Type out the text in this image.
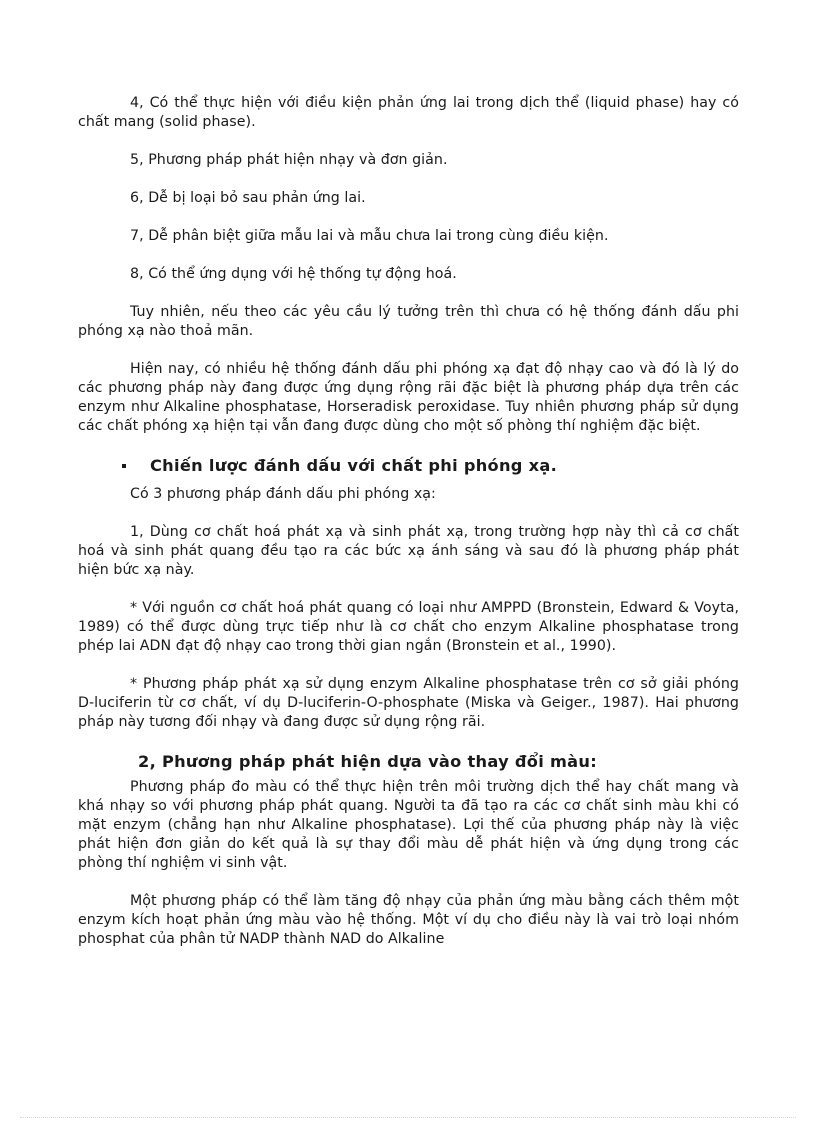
4, Có thể thực hiện với điều kiện phản ứng lai trong dịch thể (liquid phase) hay có chất mang (solid phase).

5, Phương pháp phát hiện nhạy và đơn giản.

6, Dễ bị loại bỏ sau phản ứng lai.

7, Dễ phân biệt giữa mẫu lai và mẫu chưa lai trong cùng điều kiện.

8, Có thể ứng dụng với hệ thống tự động hoá.

Tuy nhiên, nếu theo các yêu cầu lý tưởng trên thì chưa có hệ thống đánh dấu phi phóng xạ nào thoả mãn.

Hiện nay, có nhiều hệ thống đánh dấu phi phóng xạ đạt độ nhạy cao và đó là lý do các phương pháp này đang được ứng dụng rộng rãi đặc biệt là phương pháp dựa trên các enzym như Alkaline phosphatase, Horseradisk peroxidase. Tuy nhiên phương pháp sử dụng các chất phóng xạ hiện tại vẫn đang được dùng cho một số phòng thí nghiệm đặc biệt.

Chiến lược đánh dấu với chất phi phóng xạ.

Có 3 phương pháp đánh dấu phi phóng xạ:

1, Dùng cơ chất hoá phát xạ và sinh phát xạ, trong trường hợp này thì cả cơ chất hoá và sinh phát quang đều tạo ra các bức xạ ánh sáng và sau đó là phương pháp phát hiện bức xạ này.

* Với nguồn cơ chất hoá phát quang có loại như AMPPD (Bronstein, Edward & Voyta, 1989) có thể được dùng trực tiếp như là cơ chất cho enzym Alkaline phosphatase trong phép lai ADN đạt độ nhạy cao trong thời gian ngắn (Bronstein et al., 1990).

* Phương pháp phát xạ sử dụng enzym Alkaline phosphatase trên cơ sở giải phóng D-luciferin từ cơ chất, ví dụ D-luciferin-O-phosphate (Miska và Geiger., 1987). Hai phương pháp này tương đối nhạy và đang được sử dụng rộng rãi.

2, Phương pháp phát hiện dựa vào thay đổi màu:

Phương pháp đo màu có thể thực hiện trên môi trường dịch thể hay chất mang và khá nhạy so với phương pháp phát quang. Người ta đã tạo ra các cơ chất sinh màu khi có mặt enzym (chẳng hạn như Alkaline phosphatase). Lợi thế của phương pháp này là việc phát hiện đơn giản do kết quả là sự thay đổi màu dễ phát hiện và ứng dụng trong các phòng thí nghiệm vi sinh vật.

Một phương pháp có thể làm tăng độ nhạy của phản ứng màu bằng cách thêm một enzym kích hoạt phản ứng màu vào hệ thống. Một ví dụ cho điều này là vai trò loại nhóm phosphat của phân tử NADP thành NAD do Alkaline
